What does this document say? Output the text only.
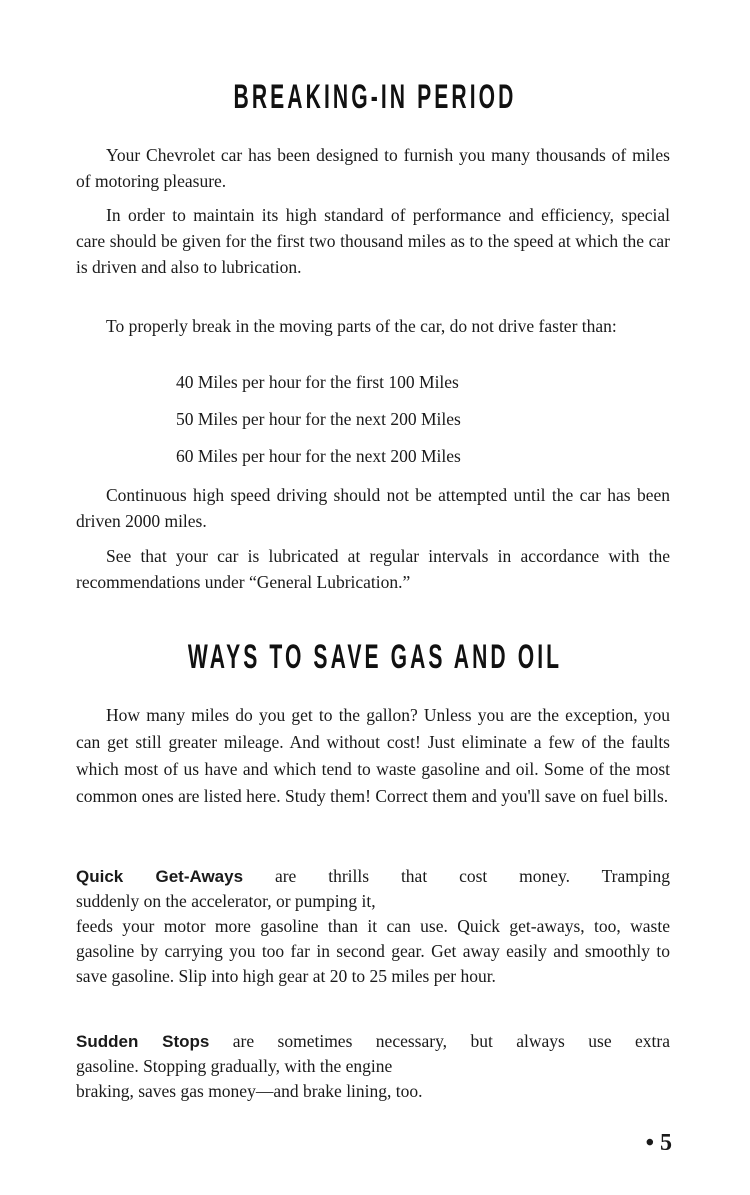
BREAKING-IN PERIOD
Your Chevrolet car has been designed to furnish you many thousands of miles of motoring pleasure.
In order to maintain its high standard of performance and efficiency, special care should be given for the first two thousand miles as to the speed at which the car is driven and also to lubrication.
To properly break in the moving parts of the car, do not drive faster than:
40 Miles per hour for the first 100 Miles
50 Miles per hour for the next 200 Miles
60 Miles per hour for the next 200 Miles
Continuous high speed driving should not be attempted until the car has been driven 2000 miles.
See that your car is lubricated at regular intervals in accordance with the recommendations under “General Lubrication.”
WAYS TO SAVE GAS AND OIL
How many miles do you get to the gallon? Unless you are the exception, you can get still greater mileage. And without cost! Just eliminate a few of the faults which most of us have and which tend to waste gasoline and oil. Some of the most common ones are listed here. Study them! Correct them and you'll save on fuel bills.
Quick Get-Aways are thrills that cost money. Tramping
suddenly on the accelerator, or pumping it,
feeds your motor more gasoline than it can use. Quick get-aways, too, waste gasoline by carrying you too far in second gear. Get away easily and smoothly to save gasoline. Slip into high gear at 20 to 25 miles per hour.
Sudden Stops are sometimes necessary, but always use extra
gasoline. Stopping gradually, with the engine
braking, saves gas money—and brake lining, too.
• 5
